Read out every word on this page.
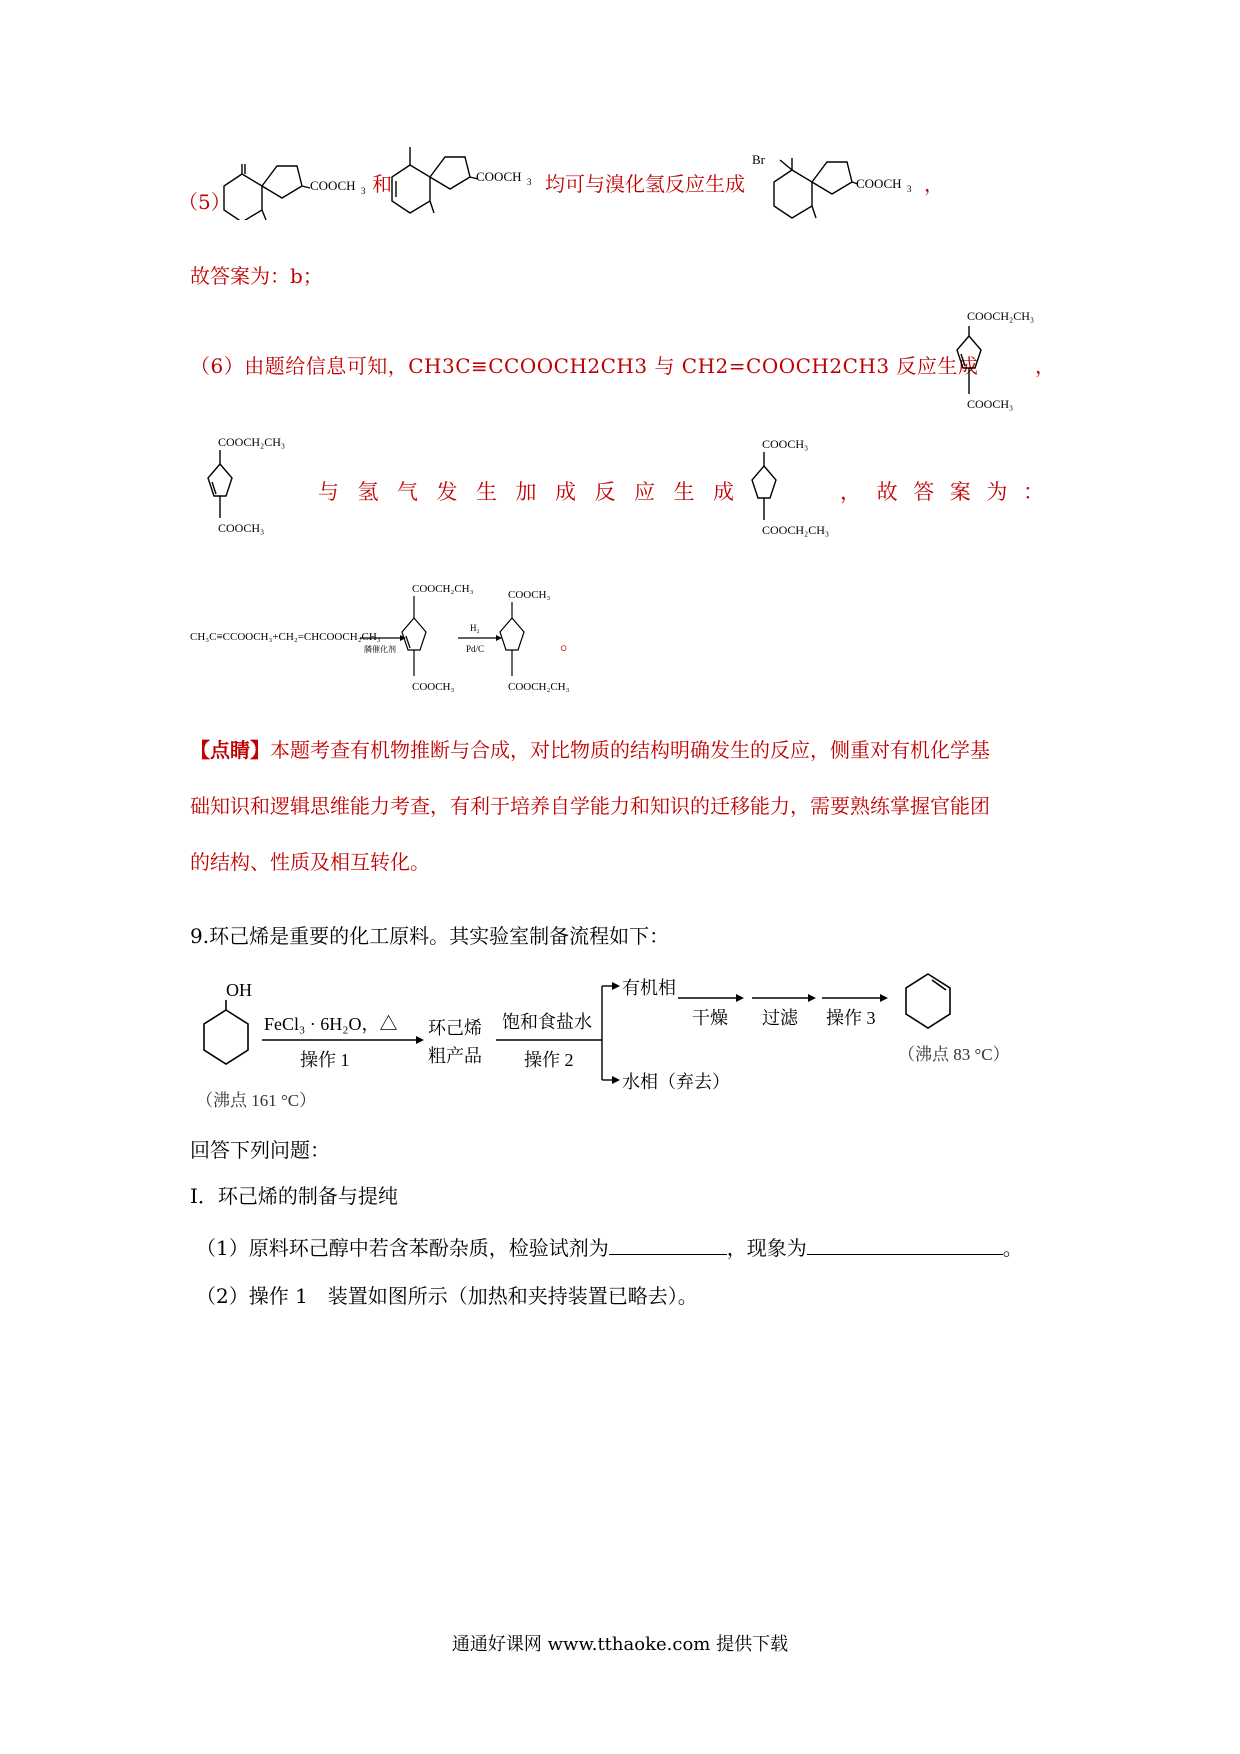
（5）
COOCH 3 和	COOCH 3 均可与溴化氢反应生成
Br
COOCH 3 ，
故答案为：b；
（6）由题给信息可知，CH3C≡CCOOCH2CH3 与 CH2=COOCH2CH3 反应生成
COOCH₂CH₃
COOCH₃
，
COOCH₂CH₃
COOCH₃
与 氢 气 发 生 加 成 反 应 生 成
COOCH₃
COOCH₂CH₃
， 故 答 案 为 ：
CH₃C≡CCOOCH₃+CH₂=CHCOOCH₂CH₃
膦催化剂
COOCH₂CH₃
COOCH₃
H₂
Pd/C
COOCH₃
COOCH₂CH₃
。
【点睛】本题考查有机物推断与合成，对比物质的结构明确发生的反应，侧重对有机化学基
础知识和逻辑思维能力考查，有利于培养自学能力和知识的迁移能力，需要熟练掌握官能团
的结构、性质及相互转化。
9.环己烯是重要的化工原料。其实验室制备流程如下：
OH
（沸点 161 °C）
FeCl₃ · 6H₂O，△
操作 1
环己烯
粗产品
饱和食盐水
操作 2
有机相
水相（弃去）
干燥 过滤 操作 3
（沸点 83 °C）
回答下列问题：
I．环己烯的制备与提纯
（1）原料环己醇中若含苯酚杂质，检验试剂为	，现象为	。
（2）操作 1　装置如图所示（加热和夹持装置已略去）。
通通好课网 www.tthaoke.com 提供下载
